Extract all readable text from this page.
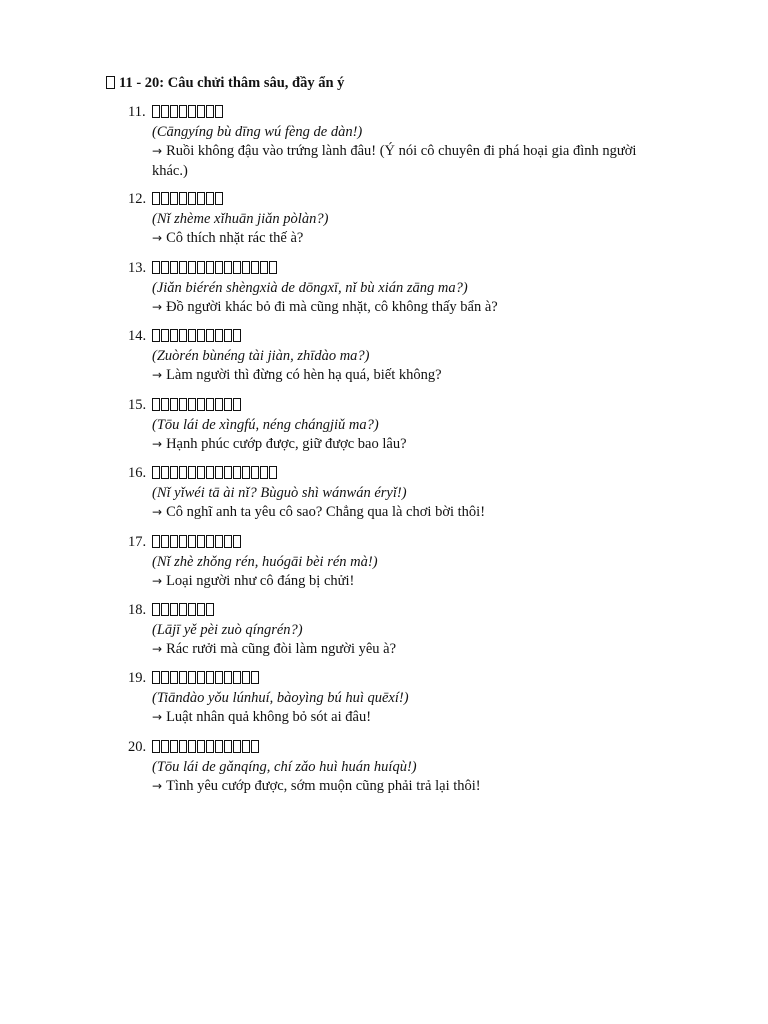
11 - 20: Câu chửi thâm sâu, đầy ẩn ý
11.
(Cāngyíng bù dīng wú fèng de dàn!)
→ Ruồi không đậu vào trứng lành đâu! (Ý nói cô chuyên đi phá hoại gia đình người khác.)
12.
(Nǐ zhème xǐhuān jiǎn pòlàn?)
→ Cô thích nhặt rác thế à?
13.
(Jiǎn biérén shèngxià de dōngxī, nǐ bù xián zāng ma?)
→ Đồ người khác bỏ đi mà cũng nhặt, cô không thấy bẩn à?
14.
(Zuòrén bùnéng tài jiàn, zhīdào ma?)
→ Làm người thì đừng có hèn hạ quá, biết không?
15.
(Tōu lái de xìngfú, néng chángjiǔ ma?)
→ Hạnh phúc cướp được, giữ được bao lâu?
16.
(Nǐ yǐwéi tā ài nǐ? Bùguò shì wánwán éryǐ!)
→ Cô nghĩ anh ta yêu cô sao? Chẳng qua là chơi bời thôi!
17.
(Nǐ zhè zhǒng rén, huógāi bèi rén mà!)
→ Loại người như cô đáng bị chửi!
18.
(Lājī yě pèi zuò qíngrén?)
→ Rác rưởi mà cũng đòi làm người yêu à?
19.
(Tiāndào yǒu lúnhuí, bàoyìng bú huì quēxí!)
→ Luật nhân quả không bỏ sót ai đâu!
20.
(Tōu lái de gǎnqíng, chí zǎo huì huán huíqù!)
→ Tình yêu cướp được, sớm muộn cũng phải trả lại thôi!
